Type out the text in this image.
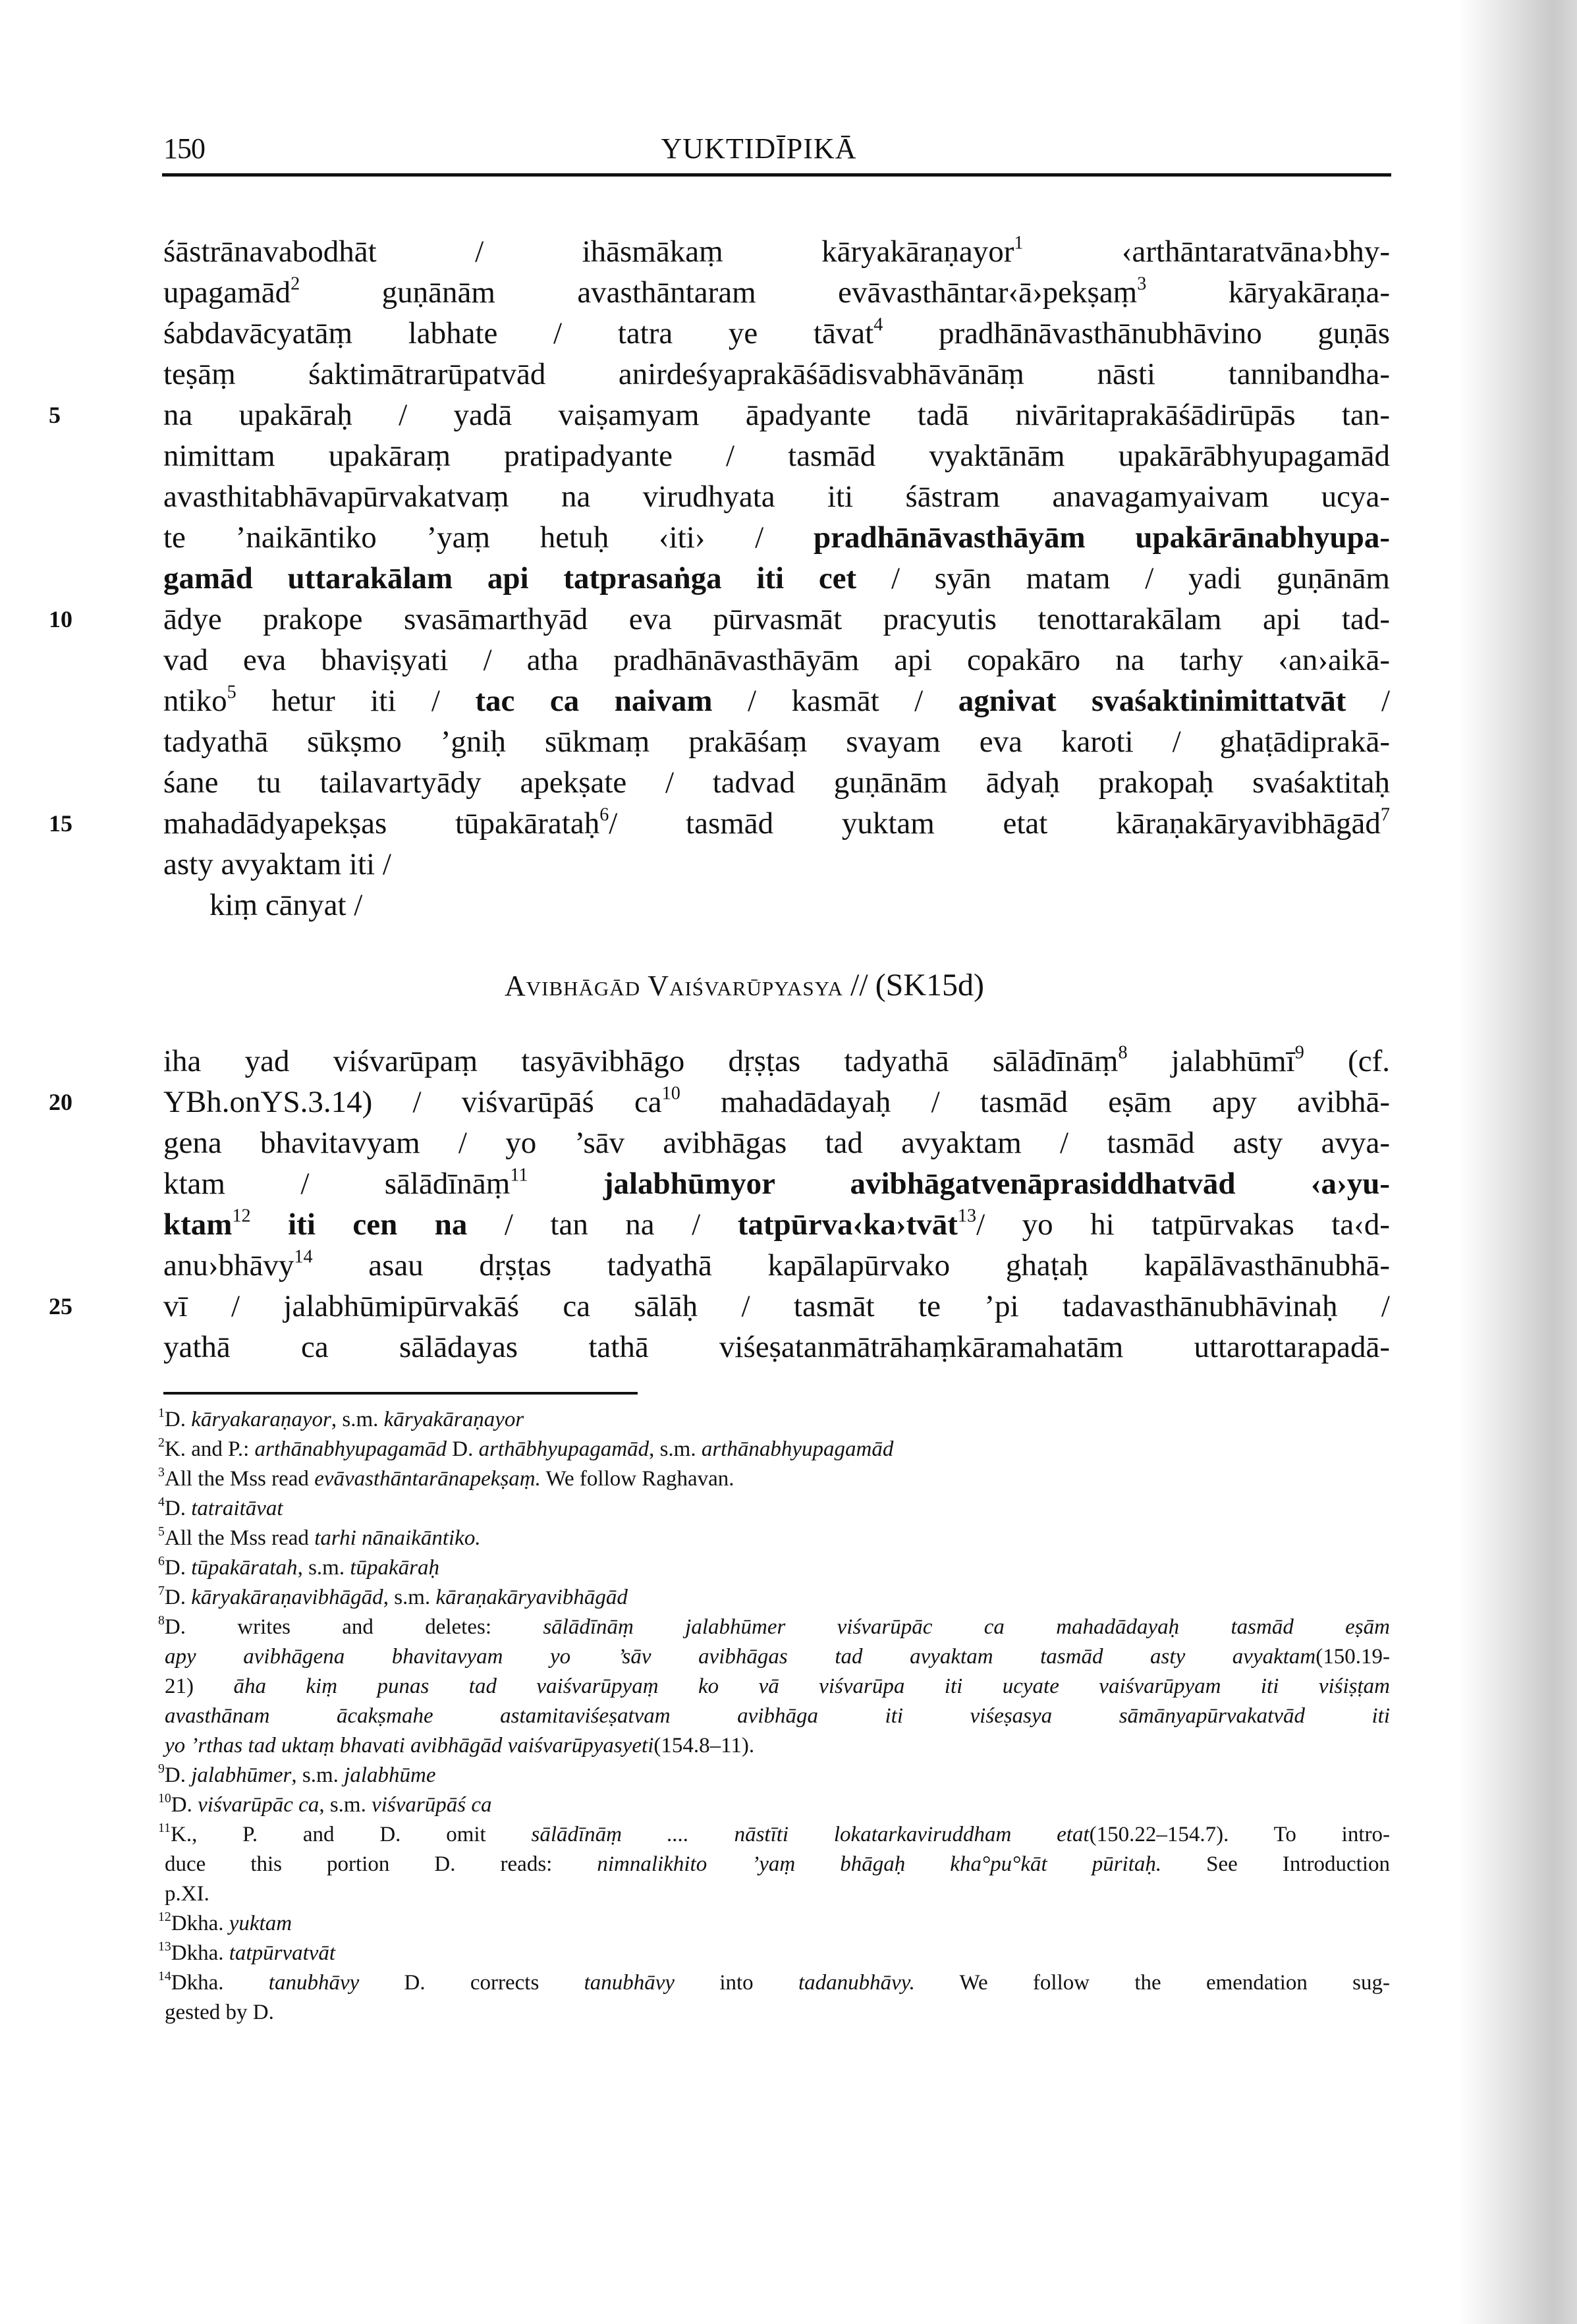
150	YUKTIDĪPIKĀ
śāstrānavabodhāt / ihāsmākaṃ kāryakāraṇayor$^1$ ‹arthāntaratvāna›bhy-
upagamād$^2$ guṇānām avasthāntaram evāvasthāntar‹ā›pekṣaṃ$^3$ kāryakāraṇa-
śabdavācyatāṃ labhate / tatra ye tāvat$^4$ pradhānāvasthānubhāvino guṇās
teṣāṃ śaktimātrarūpatvād anirdeśyaprakāśādisvabhāvānāṃ nāsti tannibandha-
na upakāraḥ / yadā vaiṣamyam āpadyante tadā nivāritaprakāśādirūpās tan-
nimittam upakāraṃ pratipadyante / tasmād vyaktānām upakārābhyupagamād
avasthitabhāvapūrvakatvaṃ na virudhyata iti śāstram anavagamyaivam ucya-
te ’naikāntiko ’yaṃ hetuḥ ‹iti› / pradhānāvasthāyām upakārānabhyupa-
gamād uttarakālam api tatprasaṅga iti cet / syān matam / yadi guṇānām
ādye prakope svasāmarthyād eva pūrvasmāt pracyutis tenottarakālam api tad-
vad eva bhaviṣyati / atha pradhānāvasthāyām api copakāro na tarhy ‹an›aikā-
ntiko$^5$ hetur iti / tac ca naivam / kasmāt / agnivat svaśaktinimittatvāt /
tadyathā sūkṣmo ’gniḥ sūkmaṃ prakāśaṃ svayam eva karoti / ghaṭādiprakā-
śane tu tailavartyādy apekṣate / tadvad guṇānām ādyaḥ prakopaḥ svaśaktitaḥ
mahadādyapekṣas tūpakārataḥ$^6$/ tasmād yuktam etat kāraṇakāryavibhāgād$^7$
asty avyaktam iti /
kiṃ cānyat /
Avibhāgād Vaiśvarūpyasya // (SK15d)
iha yad viśvarūpaṃ tasyāvibhāgo dṛṣṭas tadyathā sālādīnāṃ$^8$ jalabhūmī$^9$ (cf.
YBh.onYS.3.14) / viśvarūpāś $ca^{10}$ mahadādayaḥ / tasmād eṣām apy avibhā-
gena bhavitavyam / yo ’sāv avibhāgas tad avyaktam / tasmād asty avya-
ktam / sālādīnāṃ$^{11}$ jalabhūmyor avibhāgatvenāprasiddhatvād ‹a›yu-
ktam$^{12}$ iti cen na / tan na / tatpūrva‹ka›tvāt$^{13}$/ yo hi tatpūrvakas ta‹d-
anu›bhāvy$^{14}$ asau dṛṣṭas tadyathā kapālapūrvako ghaṭaḥ kapālāvasthānubhā-
vī / jalabhūmipūrvakāś ca sālāḥ / tasmāt te ’pi tadavasthānubhāvinaḥ /
yathā ca sālādayas tathā viśeṣatanmātrāhaṃkāramahatām uttarottarapadā-
5
10
15
20
25
$^1$D. kāryakaraṇayor, s.m. kāryakāraṇayor
$^2$K. and P.: arthānabhyupagamād D. arthābhyupagamād, s.m. arthānabhyupagamād
$^3$All the Mss read evāvasthāntarānapekṣaṃ. We follow Raghavan.
$^4$D. tatraitāvat
$^5$All the Mss read tarhi nānaikāntiko.
$^6$D. tūpakāratah, s.m. tūpakāraḥ
$^7$D. kāryakāraṇavibhāgād, s.m. kāraṇakāryavibhāgād
$^8$D. writes and deletes: sālādīnāṃ jalabhūmer viśvarūpāc ca mahadādayaḥ tasmād eṣām
apy avibhāgena bhavitavyam yo ’sāv avibhāgas tad avyaktam tasmād asty avyaktam(150.19-
21) āha kiṃ punas tad vaiśvarūpyaṃ ko vā viśvarūpa iti ucyate vaiśvarūpyam iti viśiṣṭam
avasthānam ācakṣmahe astamitaviśeṣatvam avibhāga iti viśeṣasya sāmānyapūrvakatvād iti
yo ’rthas tad uktaṃ bhavati avibhāgād vaiśvarūpyasyeti(154.8–11).
$^9$D. jalabhūmer, s.m. jalabhūme
$^{10}$D. viśvarūpāc ca, s.m. viśvarūpāś ca
$^{11}$K., P. and D. omit sālādīnāṃ .... nāstīti lokatarkaviruddham etat(150.22–154.7). To intro-
duce this portion D. reads: nimnalikhito ’yaṃ bhāgaḥ kha°pu°kāt pūritaḥ. See Introduction
p.XI.
$^{12}$Dkha. yuktam
$^{13}$Dkha. tatpūrvatvāt
$^{14}$Dkha. tanubhāvy D. corrects tanubhāvy into tadanubhāvy. We follow the emendation sug-
gested by D.
